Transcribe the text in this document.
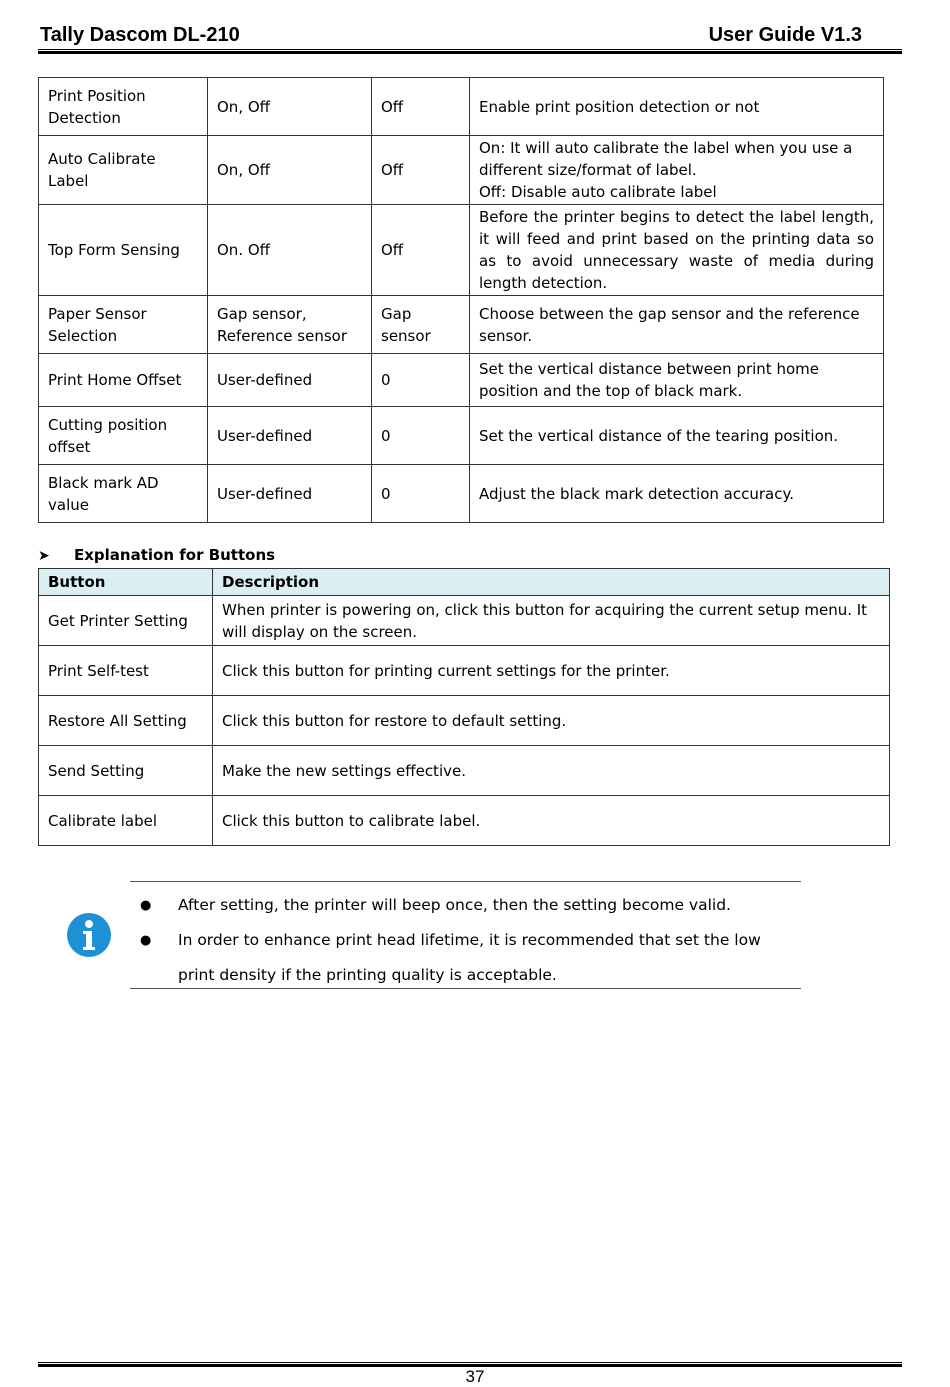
Tally Dascom DL-210	User Guide V1.3
Print Position Detection	On, Off	Off	Enable print position detection or not
Auto Calibrate Label	On, Off	Off	On: It will auto calibrate the label when you use a different size/format of label.
Off: Disable auto calibrate label
Top Form Sensing	On. Off	Off	Before the printer begins to detect the label length, it will feed and print based on the printing data so as to avoid unnecessary waste of media during length detection.
Paper Sensor Selection	Gap sensor, Reference sensor	Gap sensor	Choose between the gap sensor and the reference sensor.
Print Home Offset	User-defined	0	Set the vertical distance between print home position and the top of black mark.
Cutting position offset	User-defined	0	Set the vertical distance of the tearing position.
Black mark AD value	User-defined	0	Adjust the black mark detection accuracy.
➤ Explanation for Buttons
Button	Description
Get Printer Setting	When printer is powering on, click this button for acquiring the current setup menu. It will display on the screen.
Print Self-test	Click this button for printing current settings for the printer.
Restore All Setting	Click this button for restore to default setting.
Send Setting	Make the new settings effective.
Calibrate label	Click this button to calibrate label.
● After setting, the printer will beep once, then the setting become valid.
● In order to enhance print head lifetime, it is recommended that set the low print density if the printing quality is acceptable.
37
